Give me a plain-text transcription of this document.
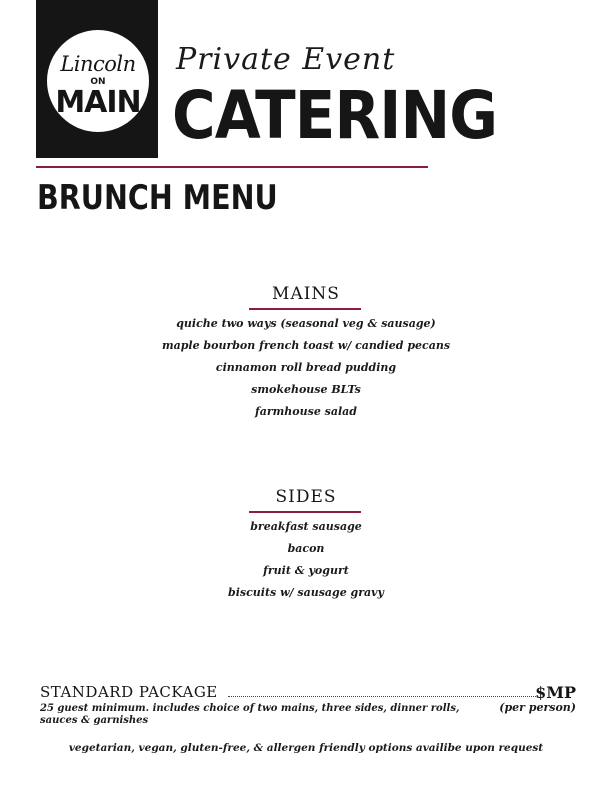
Lincoln
ON
MAIN
Private Event
CATERING
BRUNCH MENU
MAINS
quiche two ways (seasonal veg & sausage)
maple bourbon french toast w/ candied pecans
cinnamon roll bread pudding
smokehouse BLTs
farmhouse salad
SIDES
breakfast sausage
bacon
fruit & yogurt
biscuits w/ sausage gravy
STANDARD PACKAGE	$MP
25 guest minimum. includes choice of two mains, three sides, dinner rolls, sauces & garnishes
(per person)
vegetarian, vegan, gluten-free, & allergen friendly options availibe upon request
